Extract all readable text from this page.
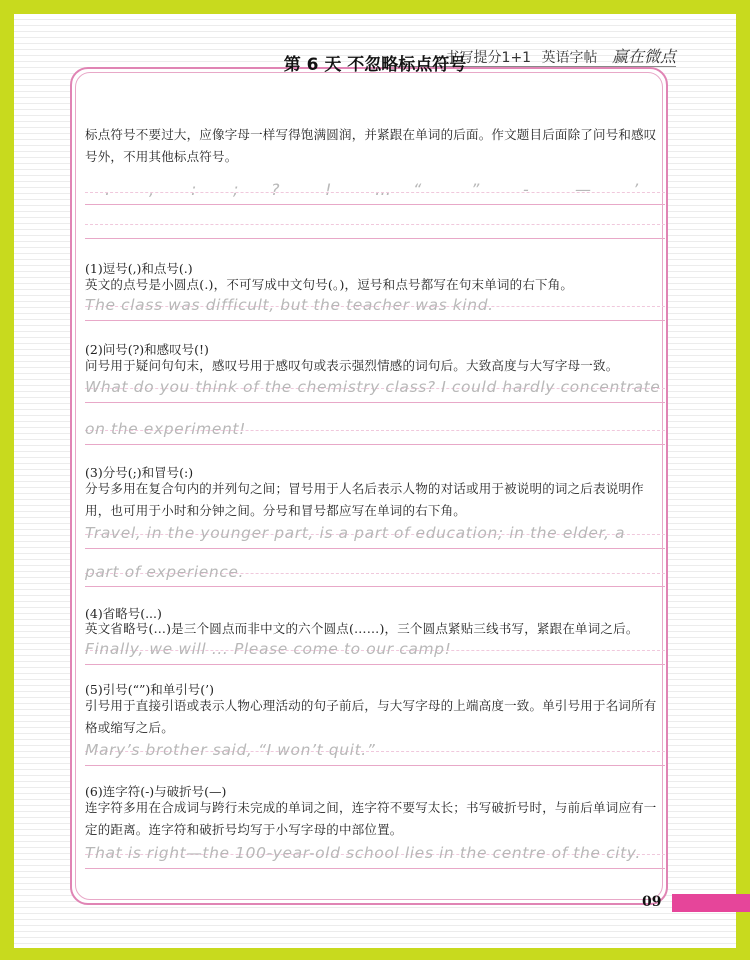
书写提分1+1 英语字帖 赢在微点
第 6 天 不忽略标点符号
标点符号不要过大，应像字母一样写得饱满圆润，并紧跟在单词的后面。作文题目后面除了问号和感叹号外，不用其他标点符号。
. , : ; ?	!	… “	”	-	—	’
(1)逗号(,)和点号(.)
英文的点号是小圆点(.)，不可写成中文句号(。)，逗号和点号都写在句末单词的右下角。
The class was difficult, but the teacher was kind.
(2)问号(?)和感叹号(!)
问号用于疑问句句末，感叹号用于感叹句或表示强烈情感的词句后。大致高度与大写字母一致。
What do you think of the chemistry class? I could hardly concentrate
on the experiment!
(3)分号(;)和冒号(:)
分号多用在复合句内的并列句之间；冒号用于人名后表示人物的对话或用于被说明的词之后表说明作用，也可用于小时和分钟之间。分号和冒号都应写在单词的右下角。
Travel, in the younger part, is a part of education; in the elder, a
part of experience.
(4)省略号(...)
英文省略号(...)是三个圆点而非中文的六个圆点(……)，三个圆点紧贴三线书写，紧跟在单词之后。
Finally, we will ... Please come to our camp!
(5)引号(“”)和单引号(’)
引号用于直接引语或表示人物心理活动的句子前后，与大写字母的上端高度一致。单引号用于名词所有格或缩写之后。
Mary’s brother said, “I won’t quit.”
(6)连字符(-)与破折号(—)
连字符多用在合成词与跨行未完成的单词之间，连字符不要写太长；书写破折号时，与前后单词应有一定的距离。连字符和破折号均写于小写字母的中部位置。
That is right—the 100-year-old school lies in the centre of the city.
09
